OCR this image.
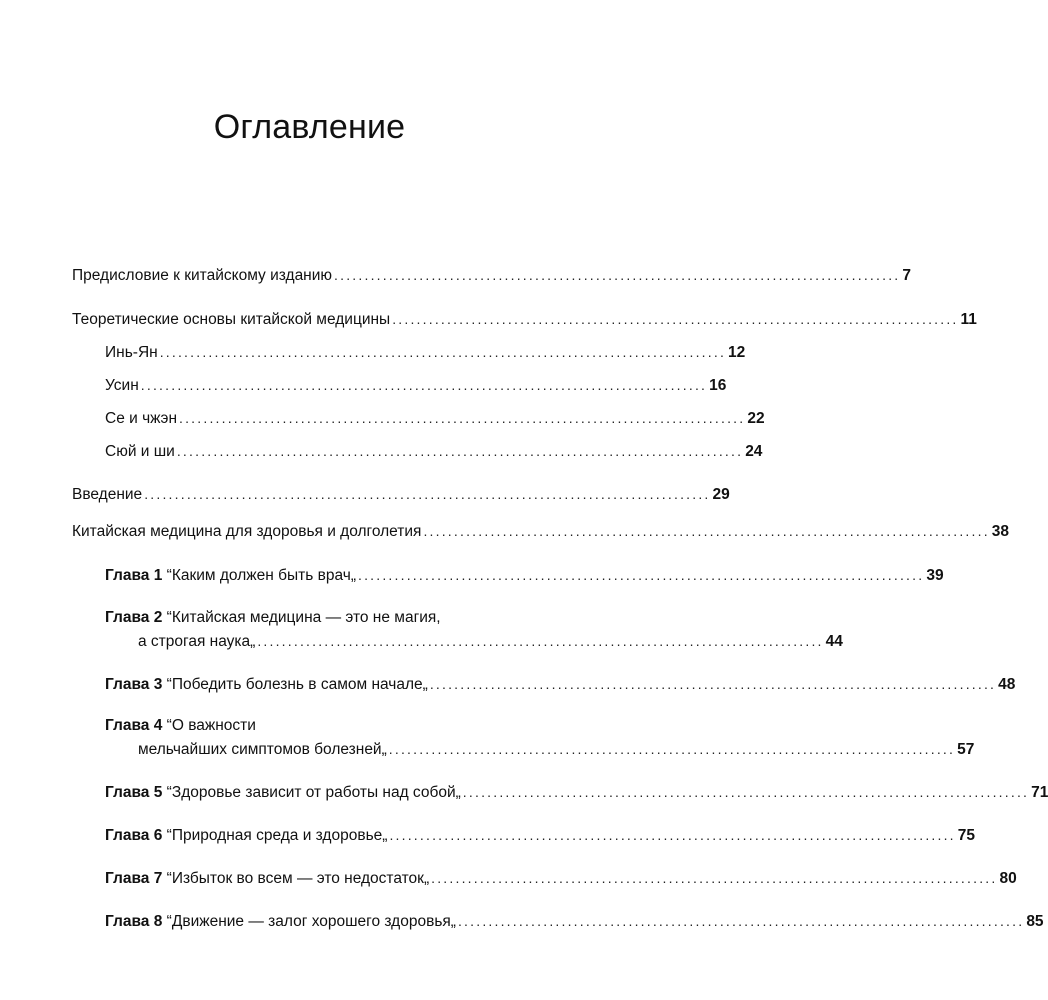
Оглавление
Предисловие к китайскому изданию ............................................................................................. 7
Теоретические основы китайской медицины ............................................................................................. 11
Инь-Ян ............................................................................................. 12
Усин ............................................................................................. 16
Се и чжэн ............................................................................................. 22
Сюй и ши ............................................................................................. 24
Введение ............................................................................................. 29
Китайская медицина для здоровья и долголетия ............................................................................................. 38
Глава 1 “Каким должен быть врач„ ............................................................................................. 39
Глава 2 “Китайская медицина — это не магия,
а строгая наука„ ............................................................................................. 44
Глава 3 “Победить болезнь в самом начале„ ............................................................................................. 48
Глава 4 “О важности
мельчайших симптомов болезней„ ............................................................................................. 57
Глава 5 “Здоровье зависит от работы над собой„ ............................................................................................. 71
Глава 6 “Природная среда и здоровье„ ............................................................................................. 75
Глава 7 “Избыток во всем — это недостаток„ ............................................................................................. 80
Глава 8 “Движение — залог хорошего здоровья„ ............................................................................................. 85
